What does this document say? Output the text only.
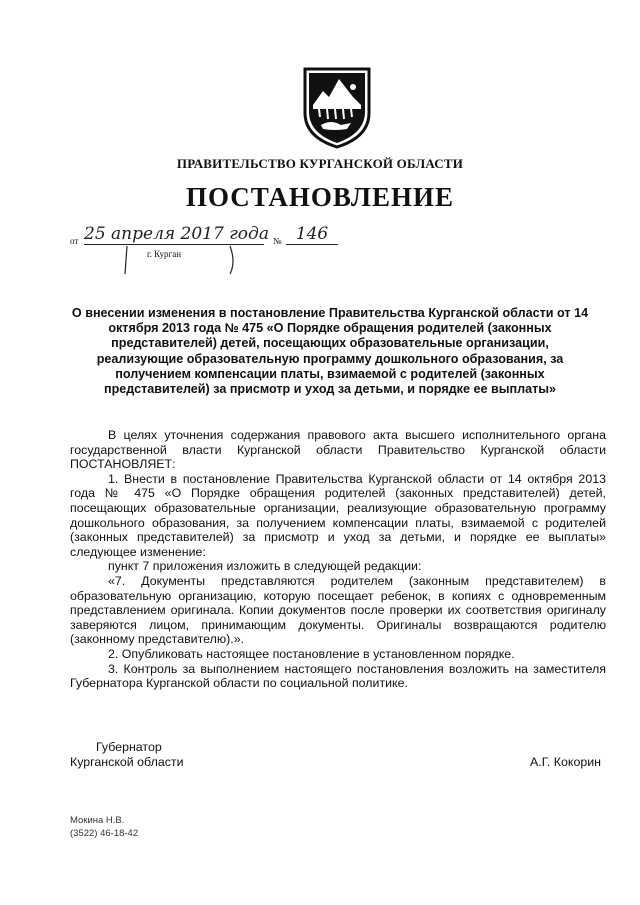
ПРАВИТЕЛЬСТВО КУРГАНСКОЙ ОБЛАСТИ
ПОСТАНОВЛЕНИЕ
от 25 апреля 2017 года № 146
г. Курган
О внесении изменения в постановление Правительства Курганской области от 14 октября 2013 года № 475 «О Порядке обращения родителей (законных представителей) детей, посещающих образовательные организации, реализующие образовательную программу дошкольного образования, за получением компенсации платы, взимаемой с родителей (законных представителей) за присмотр и уход за детьми, и порядке ее выплаты»

В целях уточнения содержания правового акта высшего исполнительного органа государственной власти Курганской области Правительство Курганской области ПОСТАНОВЛЯЕТ:

1. Внести в постановление Правительства Курганской области от 14 октября 2013 года № 475 «О Порядке обращения родителей (законных представителей) детей, посещающих образовательные организации, реализующие образовательную программу дошкольного образования, за получением компенсации платы, взимаемой с родителей (законных представителей) за присмотр и уход за детьми, и порядке ее выплаты» следующее изменение:

пункт 7 приложения изложить в следующей редакции:

«7. Документы представляются родителем (законным представителем) в образовательную организацию, которую посещает ребенок, в копиях с одновременным представлением оригинала. Копии документов после проверки их соответствия оригиналу заверяются лицом, принимающим документы. Оригиналы возвращаются родителю (законному представителю).».

2. Опубликовать настоящее постановление в установленном порядке.

3. Контроль за выполнением настоящего постановления возложить на заместителя Губернатора Курганской области по социальной политике.

Губернатор
Курганской области	А.Г. Кокорин
Мокина Н.В.
(3522) 46-18-42
